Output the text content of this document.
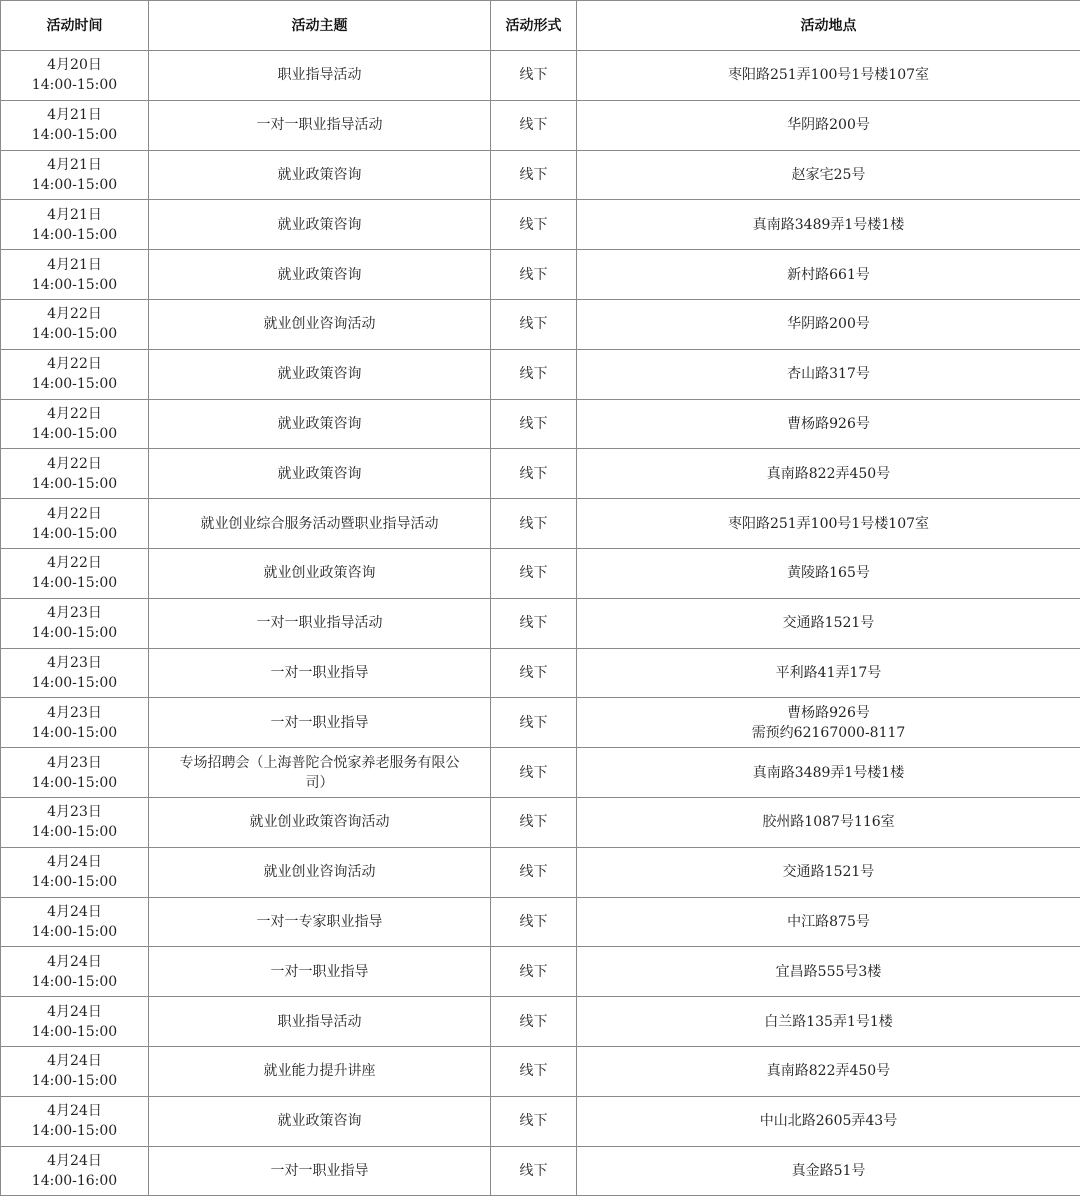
活动时间	活动主题	活动形式	活动地点

4月20日
14:00-15:00	职业指导活动	线下	枣阳路251弄100号1号楼107室

4月21日
14:00-15:00	一对一职业指导活动	线下	华阴路200号

4月21日
14:00-15:00	就业政策咨询	线下	赵家宅25号

4月21日
14:00-15:00	就业政策咨询	线下	真南路3489弄1号楼1楼

4月21日
14:00-15:00	就业政策咨询	线下	新村路661号

4月22日
14:00-15:00	就业创业咨询活动	线下	华阴路200号

4月22日
14:00-15:00	就业政策咨询	线下	杏山路317号

4月22日
14:00-15:00	就业政策咨询	线下	曹杨路926号

4月22日
14:00-15:00	就业政策咨询	线下	真南路822弄450号

4月22日
14:00-15:00	就业创业综合服务活动暨职业指导活动	线下	枣阳路251弄100号1号楼107室

4月22日
14:00-15:00	就业创业政策咨询	线下	黄陵路165号

4月23日
14:00-15:00	一对一职业指导活动	线下	交通路1521号

4月23日
14:00-15:00	一对一职业指导	线下	平利路41弄17号

4月23日
14:00-15:00	一对一职业指导	线下	曹杨路926号
需预约62167000-8117

4月23日
14:00-15:00	专场招聘会（上海普陀合悦家养老服务有限公
司）	线下	真南路3489弄1号楼1楼

4月23日
14:00-15:00	就业创业政策咨询活动	线下	胶州路1087号116室

4月24日
14:00-15:00	就业创业咨询活动	线下	交通路1521号

4月24日
14:00-15:00	一对一专家职业指导	线下	中江路875号

4月24日
14:00-15:00	一对一职业指导	线下	宜昌路555号3楼

4月24日
14:00-15:00	职业指导活动	线下	白兰路135弄1号1楼

4月24日
14:00-15:00	就业能力提升讲座	线下	真南路822弄450号

4月24日
14:00-15:00	就业政策咨询	线下	中山北路2605弄43号

4月24日
14:00-16:00	一对一职业指导	线下	真金路51号
